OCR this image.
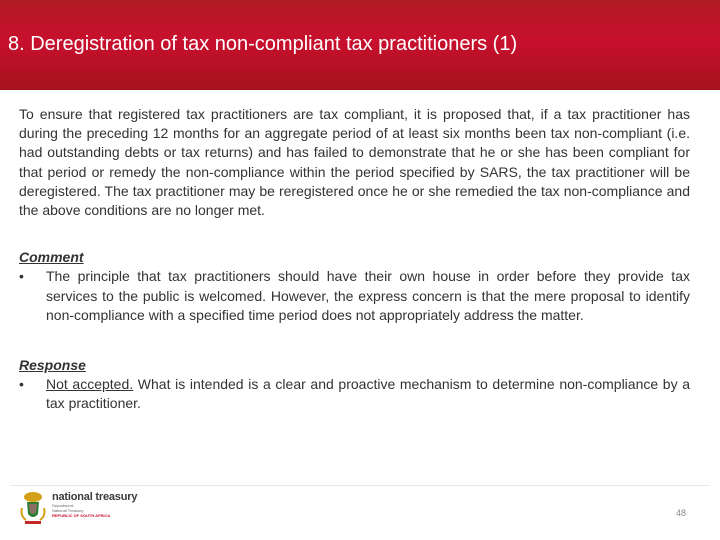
8. Deregistration of tax non-compliant tax practitioners (1)

To ensure that registered tax practitioners are tax compliant, it is proposed that, if a tax practitioner has during the preceding 12 months for an aggregate period of at least six months been tax non-compliant (i.e. had outstanding debts or tax returns) and has failed to demonstrate that he or she has been compliant for that period or remedy the non-compliance within the period specified by SARS, the tax practitioner will be deregistered. The tax practitioner may be reregistered once he or she remedied the tax non-compliance and the above conditions are no longer met.

Comment

•	The principle that tax practitioners should have their own house in order before they provide tax services to the public is welcomed. However, the express concern is that the mere proposal to identify non-compliance with a specified time period does not appropriately address the matter.

Response

•	Not accepted. What is intended is a clear and proactive mechanism to determine non-compliance by a tax practitioner.
national treasury
Department:
National Treasury
REPUBLIC OF SOUTH AFRICA	48
